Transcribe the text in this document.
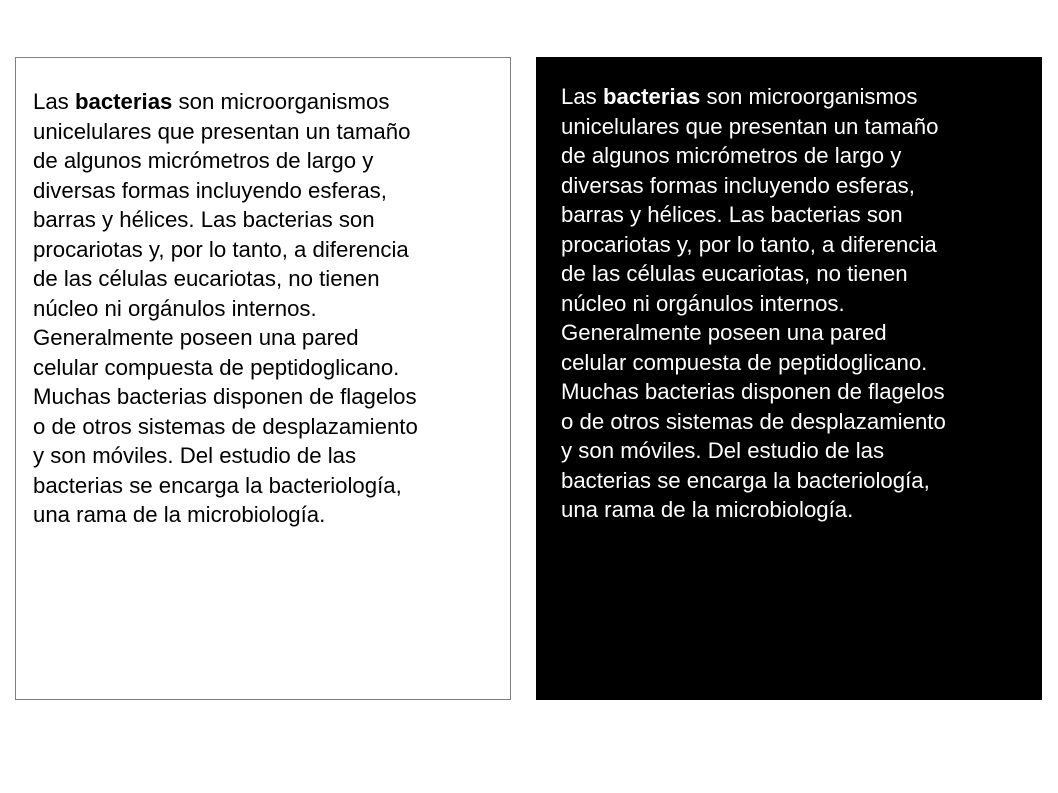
Las bacterias son microorganismos
unicelulares que presentan un tamaño
de algunos micrómetros de largo y
diversas formas incluyendo esferas,
barras y hélices. Las bacterias son
procariotas y, por lo tanto, a diferencia
de las células eucariotas, no tienen
núcleo ni orgánulos internos.
Generalmente poseen una pared
celular compuesta de peptidoglicano.
Muchas bacterias disponen de flagelos
o de otros sistemas de desplazamiento
y son móviles. Del estudio de las
bacterias se encarga la bacteriología,
una rama de la microbiología.

Las bacterias son microorganismos
unicelulares que presentan un tamaño
de algunos micrómetros de largo y
diversas formas incluyendo esferas,
barras y hélices. Las bacterias son
procariotas y, por lo tanto, a diferencia
de las células eucariotas, no tienen
núcleo ni orgánulos internos.
Generalmente poseen una pared
celular compuesta de peptidoglicano.
Muchas bacterias disponen de flagelos
o de otros sistemas de desplazamiento
y son móviles. Del estudio de las
bacterias se encarga la bacteriología,
una rama de la microbiología.
